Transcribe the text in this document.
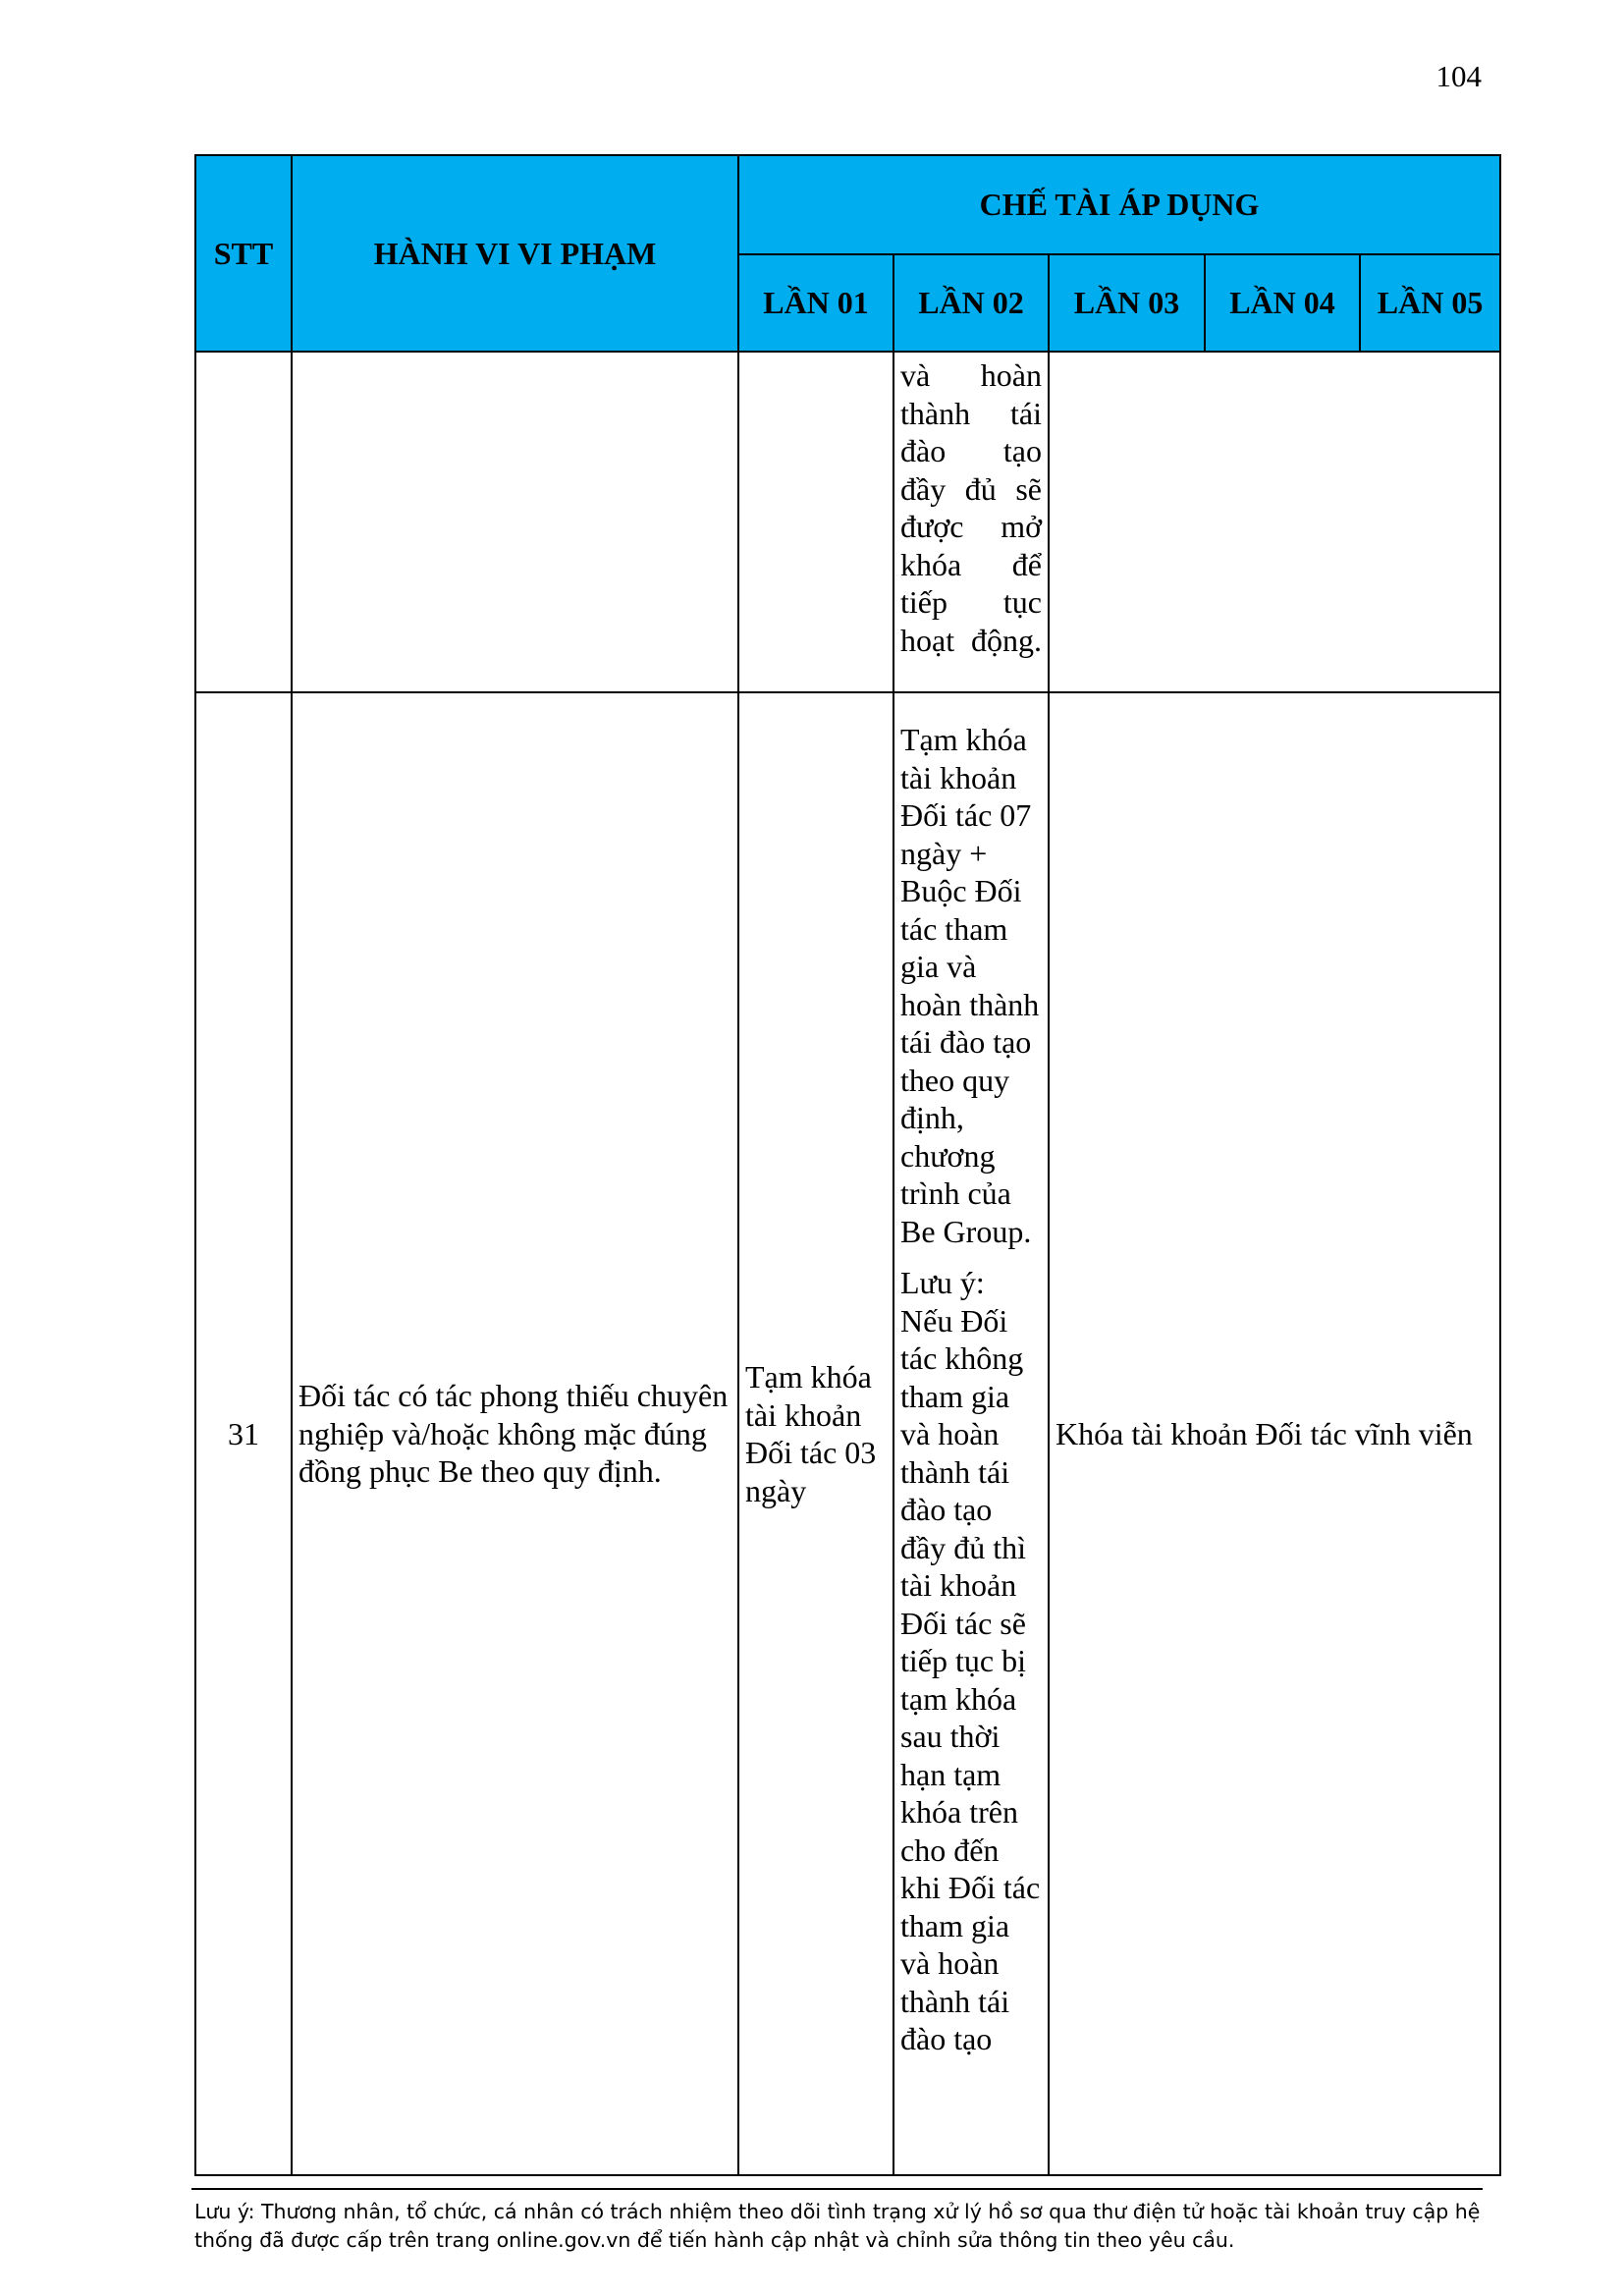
104
STT	HÀNH VI VI PHẠM	CHẾ TÀI ÁP DỤNG				
		LẦN 01	LẦN 02	LẦN 03	LẦN 04	LẦN 05
			và hoàn thành tái đào tạo đầy đủ sẽ được mở khóa để tiếp tục hoạt động.			
31	Đối tác có tác phong thiếu chuyên nghiệp và/hoặc không mặc đúng đồng phục Be theo quy định.	Tạm khóa tài khoản Đối tác 03 ngày	Tạm khóa tài khoản Đối tác 07 ngày + Buộc Đối tác tham gia và hoàn thành tái đào tạo theo quy định, chương trình của Be Group.
Lưu ý: Nếu Đối tác không tham gia và hoàn thành tái đào tạo đầy đủ thì tài khoản Đối tác sẽ tiếp tục bị tạm khóa sau thời hạn tạm khóa trên cho đến khi Đối tác tham gia và hoàn thành tái đào tạo	Khóa tài khoản Đối tác vĩnh viễn		
Lưu ý: Thương nhân, tổ chức, cá nhân có trách nhiệm theo dõi tình trạng xử lý hồ sơ qua thư điện tử hoặc tài khoản truy cập hệ thống đã được cấp trên trang online.gov.vn để tiến hành cập nhật và chỉnh sửa thông tin theo yêu cầu.
